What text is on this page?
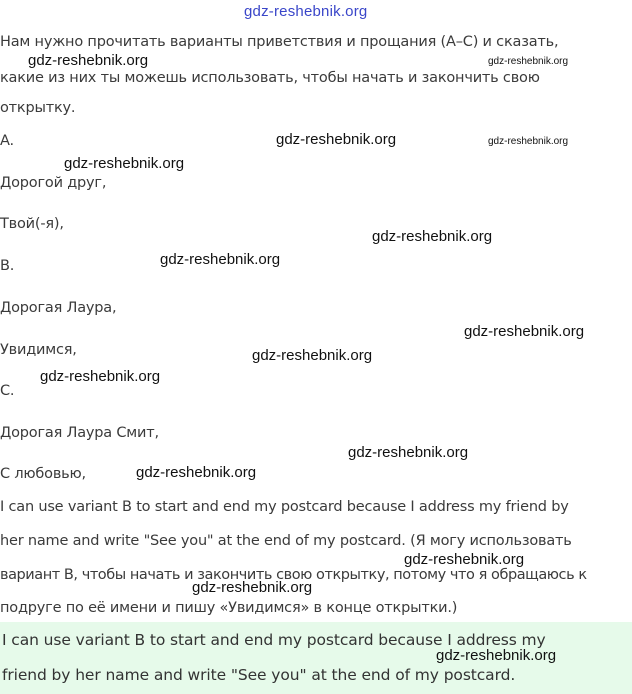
gdz-reshebnik.org
Нам нужно прочитать варианты приветствия и прощания (A–C) и сказать,
какие из них ты можешь использовать, чтобы начать и закончить свою
открытку.
A.
Дорогой друг,
Твой(-я),
B.
Дорогая Лаура,
Увидимся,
C.
Дорогая Лаура Смит,
С любовью,
I can use variant B to start and end my postcard because I address my friend by
her name and write "See you" at the end of my postcard. (Я могу использовать
вариант B, чтобы начать и закончить свою открытку, потому что я обращаюсь к
подруге по её имени и пишу «Увидимся» в конце открытки.)
I can use variant B to start and end my postcard because I address my
friend by her name and write "See you" at the end of my postcard.
gdz-reshebnik.org	gdz-reshebnik.org
gdz-reshebnik.org	gdz-reshebnik.org
gdz-reshebnik.org
gdz-reshebnik.org
gdz-reshebnik.org
gdz-reshebnik.org
gdz-reshebnik.org
gdz-reshebnik.org
gdz-reshebnik.org
gdz-reshebnik.org
gdz-reshebnik.org
gdz-reshebnik.org
gdz-reshebnik.org
